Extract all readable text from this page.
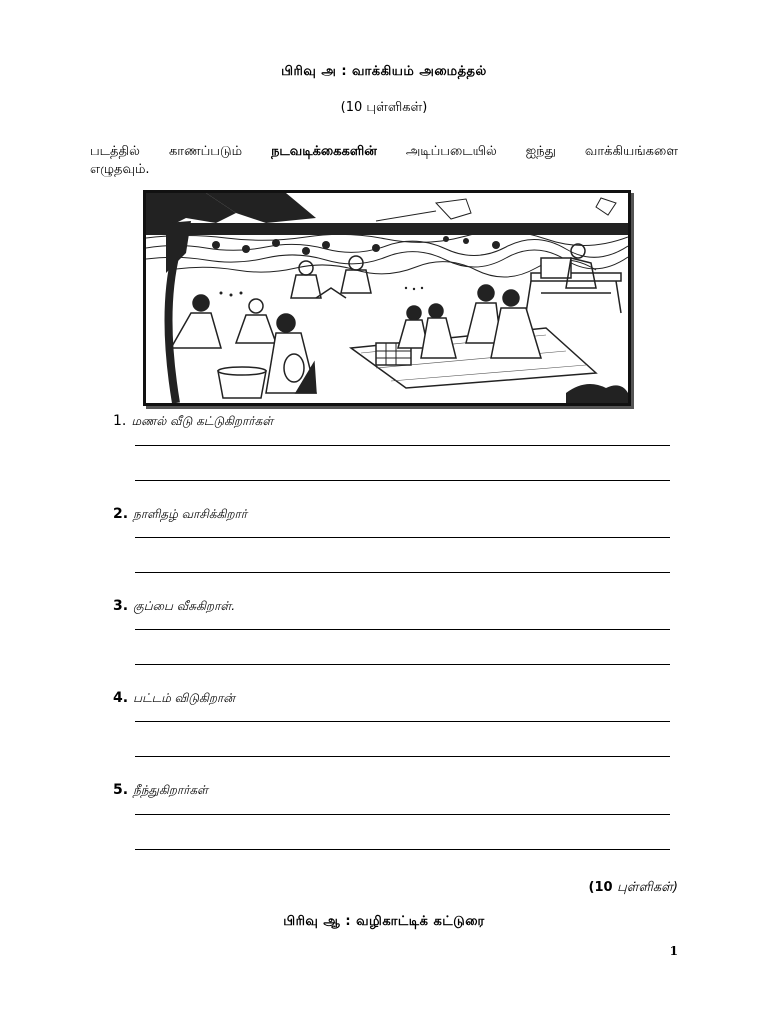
பிரிவு அ : வாக்கியம் அமைத்தல்
(10 புள்ளிகள்)
படத்தில் காணப்படும் நடவடிக்கைகளின் அடிப்படையில் ஐந்து வாக்கியங்களை
எழுதவும்.
1. மணல் வீடு கட்டுகிறார்கள்
2. நாளிதழ் வாசிக்கிறார்
3. குப்பை வீசுகிறாள்.
4. பட்டம் விடுகிறான்
5. நீந்துகிறார்கள்
(10 புள்ளிகள்)
பிரிவு ஆ : வழிகாட்டிக் கட்டுரை
1
